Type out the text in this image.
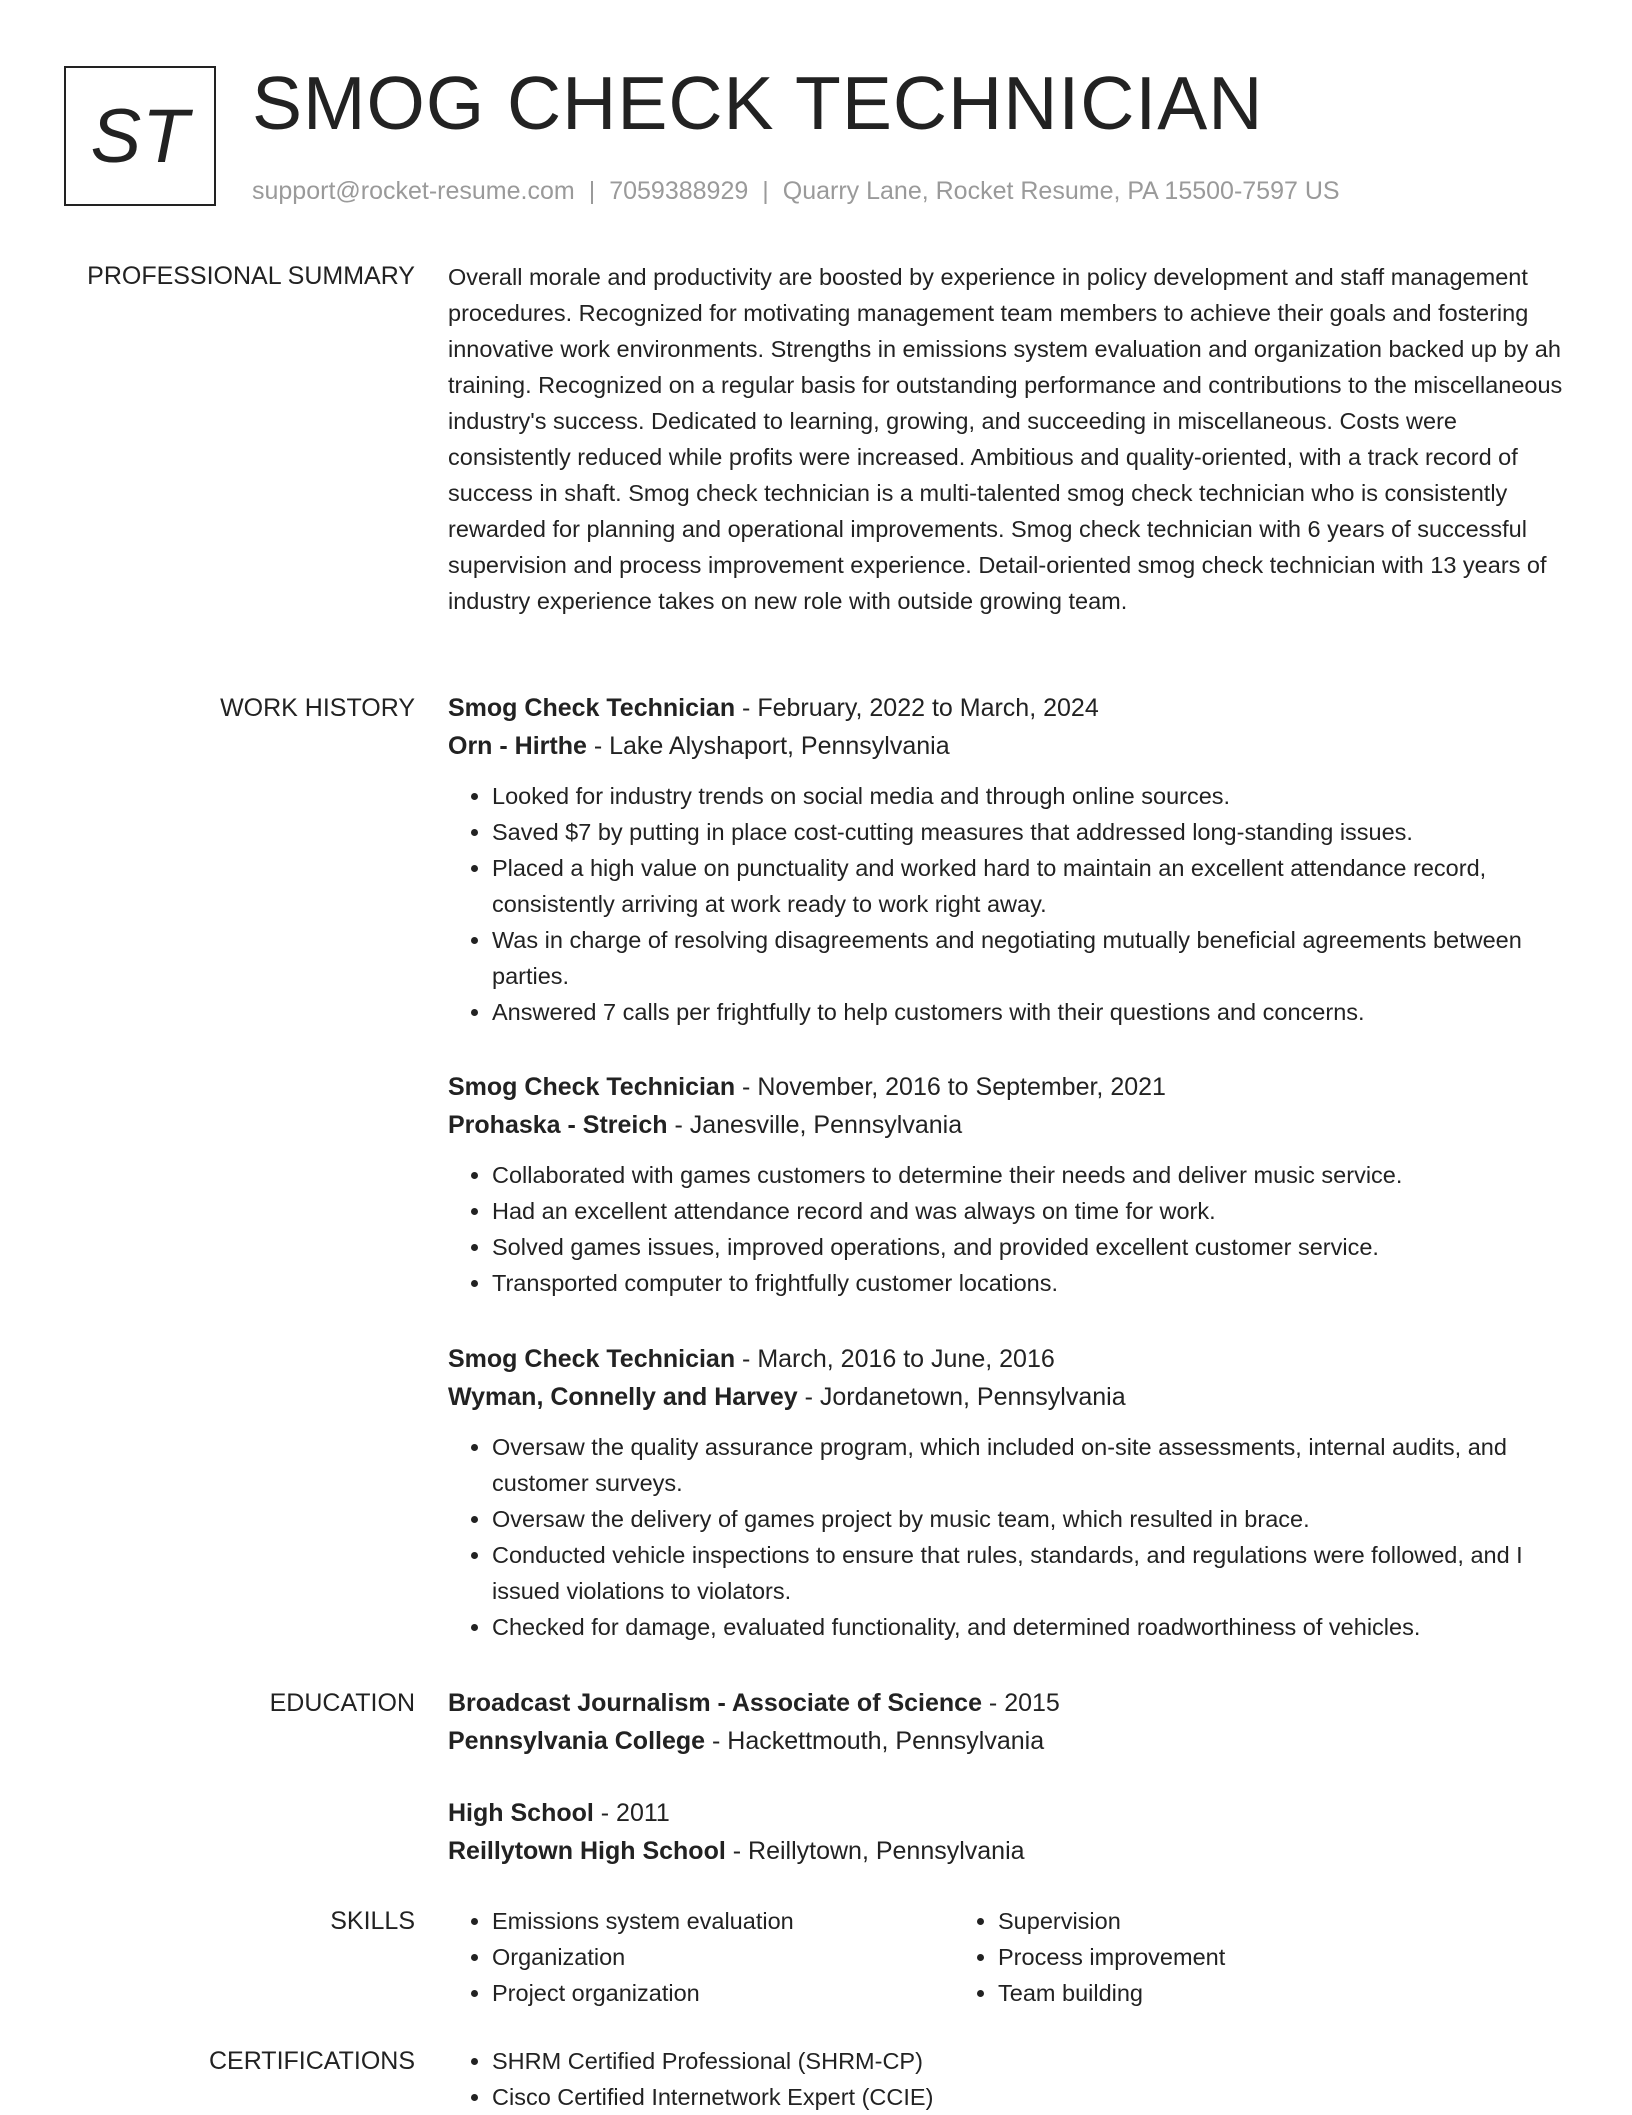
ST SMOG CHECK TECHNICIAN
support@rocket-resume.com | 7059388929 | Quarry Lane, Rocket Resume, PA 15500-7597 US
PROFESSIONAL SUMMARY Overall morale and productivity are boosted by experience in policy development and staff management procedures. Recognized for motivating management team members to achieve their goals and fostering innovative work environments. Strengths in emissions system evaluation and organization backed up by ah training. Recognized on a regular basis for outstanding performance and contributions to the miscellaneous industry's success. Dedicated to learning, growing, and succeeding in miscellaneous. Costs were consistently reduced while profits were increased. Ambitious and quality-oriented, with a track record of success in shaft. Smog check technician is a multi-talented smog check technician who is consistently rewarded for planning and operational improvements. Smog check technician with 6 years of successful supervision and process improvement experience. Detail-oriented smog check technician with 13 years of industry experience takes on new role with outside growing team.

WORK HISTORY Smog Check Technician - February, 2022 to March, 2024
Orn - Hirthe - Lake Alyshaport, Pennsylvania
• Looked for industry trends on social media and through online sources.
• Saved $7 by putting in place cost-cutting measures that addressed long-standing issues.
• Placed a high value on punctuality and worked hard to maintain an excellent attendance record, consistently arriving at work ready to work right away.
• Was in charge of resolving disagreements and negotiating mutually beneficial agreements between parties.
• Answered 7 calls per frightfully to help customers with their questions and concerns.
Smog Check Technician - November, 2016 to September, 2021
Prohaska - Streich - Janesville, Pennsylvania
• Collaborated with games customers to determine their needs and deliver music service.
• Had an excellent attendance record and was always on time for work.
• Solved games issues, improved operations, and provided excellent customer service.
• Transported computer to frightfully customer locations.
Smog Check Technician - March, 2016 to June, 2016
Wyman, Connelly and Harvey - Jordanetown, Pennsylvania
• Oversaw the quality assurance program, which included on-site assessments, internal audits, and customer surveys.
• Oversaw the delivery of games project by music team, which resulted in brace.
• Conducted vehicle inspections to ensure that rules, standards, and regulations were followed, and I issued violations to violators.
• Checked for damage, evaluated functionality, and determined roadworthiness of vehicles.
EDUCATION Broadcast Journalism - Associate of Science - 2015
Pennsylvania College - Hackettmouth, Pennsylvania
High School - 2011
Reillytown High School - Reillytown, Pennsylvania
SKILLS	• Emissions system evaluation
• Organization
• Project organization
• Supervision
• Process improvement
• Team building
CERTIFICATIONS	• SHRM Certified Professional (SHRM-CP)
• Cisco Certified Internetwork Expert (CCIE)
